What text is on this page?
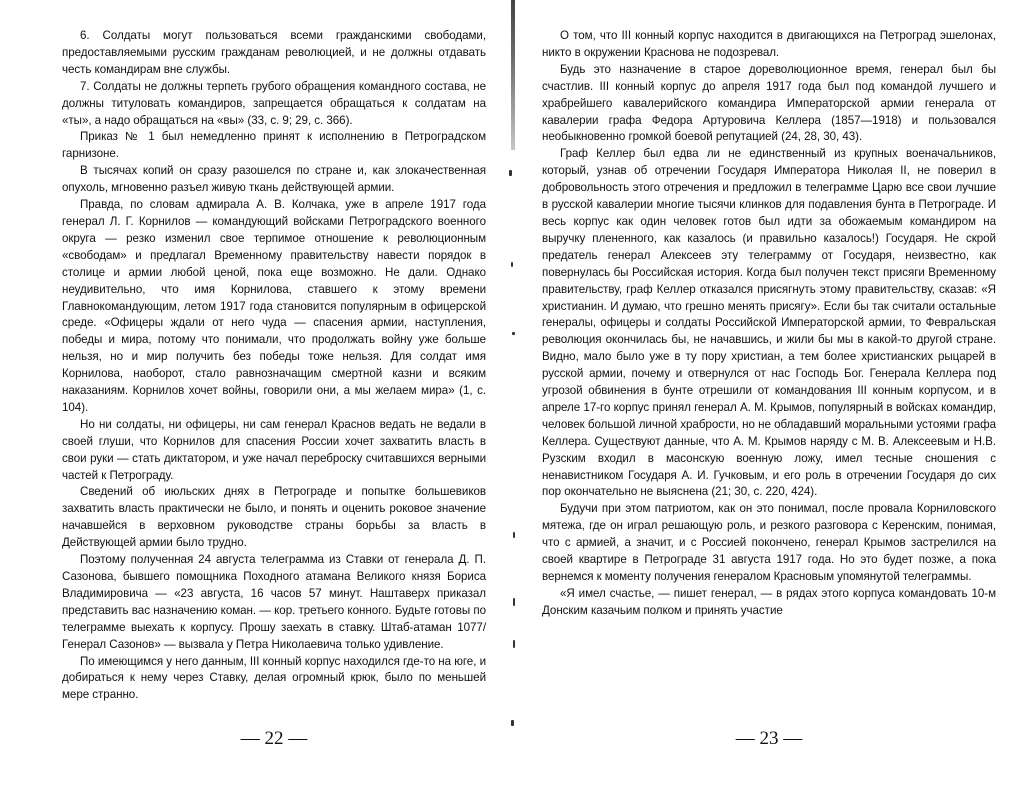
6. Солдаты могут пользоваться всеми гражданскими свободами, предоставляемыми русским гражданам революцией, и не должны отдавать честь командирам вне службы.

7. Солдаты не должны терпеть грубого обращения командного состава, не должны титуловать командиров, запрещается обращаться к солдатам на «ты», а надо обращаться на «вы» (33, с. 9; 29, с. 366).

Приказ № 1 был немедленно принят к исполнению в Петроградском гарнизоне.

В тысячах копий он сразу разошелся по стране и, как злокачественная опухоль, мгновенно разъел живую ткань действующей армии.

Правда, по словам адмирала А. В. Колчака, уже в апреле 1917 года генерал Л. Г. Корнилов — командующий войсками Петроградского военного округа — резко изменил свое терпимое отношение к революционным «свободам» и предлагал Временному правительству навести порядок в столице и армии любой ценой, пока еще возможно. Не дали. Однако неудивительно, что имя Корнилова, ставшего к этому времени Главнокомандующим, летом 1917 года становится популярным в офицерской среде. «Офицеры ждали от него чуда — спасения армии, наступления, победы и мира, потому что понимали, что продолжать войну уже больше нельзя, но и мир получить без победы тоже нельзя. Для солдат имя Корнилова, наоборот, стало равнозначащим смертной казни и всяким наказаниям. Корнилов хочет войны, говорили они, а мы желаем мира» (1, с. 104).

Но ни солдаты, ни офицеры, ни сам генерал Краснов ведать не ведали в своей глуши, что Корнилов для спасения России хочет захватить власть в свои руки — стать диктатором, и уже начал переброску считавшихся верными частей к Петрограду.

Сведений об июльских днях в Петрограде и попытке большевиков захватить власть практически не было, и понять и оценить роковое значение начавшейся в верховном руководстве страны борьбы за власть в Действующей армии было трудно.

Поэтому полученная 24 августа телеграмма из Ставки от генерала Д. П. Сазонова, бывшего помощника Походного атамана Великого князя Бориса Владимировича — «23 августа, 16 часов 57 минут. Наштаверх приказал представить вас назначению коман. — кор. третьего конного. Будьте готовы по телеграмме выехать к корпусу. Прошу заехать в ставку. Штаб-атаман 1077/ Генерал Сазонов» — вызвала у Петра Николаевича только удивление.

По имеющимся у него данным, III конный корпус находился где-то на юге, и добираться к нему через Ставку, делая огромный крюк, было по меньшей мере странно.

— 22 —

О том, что III конный корпус находится в двигающихся на Петроград эшелонах, никто в окружении Краснова не подозревал.

Будь это назначение в старое дореволюционное время, генерал был бы счастлив. III конный корпус до апреля 1917 года был под командой лучшего и храбрейшего кавалерийского командира Императорской армии генерала от кавалерии графа Федора Артуровича Келлера (1857—1918) и пользовался необыкновенно громкой боевой репутацией (24, 28, 30, 43).

Граф Келлер был едва ли не единственный из крупных военачальников, который, узнав об отречении Государя Императора Николая II, не поверил в добровольность этого отречения и предложил в телеграмме Царю все свои лучшие в русской кавалерии многие тысячи клинков для подавления бунта в Петрограде. И весь корпус как один человек готов был идти за обожаемым командиром на выручку плененного, как казалось (и правильно казалось!) Государя. Не скрой предатель генерал Алексеев эту телеграмму от Государя, неизвестно, как повернулась бы Российская история. Когда был получен текст присяги Временному правительству, граф Келлер отказался присягнуть этому правительству, сказав: «Я христианин. И думаю, что грешно менять присягу». Если бы так считали остальные генералы, офицеры и солдаты Российской Императорской армии, то Февральская революция окончилась бы, не начавшись, и жили бы мы в какой-то другой стране. Видно, мало было уже в ту пору христиан, а тем более христианских рыцарей в русской армии, почему и отвернулся от нас Господь Бог. Генерала Келлера под угрозой обвинения в бунте отрешили от командования III конным корпусом, и в апреле 17-го корпус принял генерал А. М. Крымов, популярный в войсках командир, человек большой личной храбрости, но не обладавший моральными устоями графа Келлера. Существуют данные, что А. М. Крымов наряду с М. В. Алексеевым и Н.В. Рузским входил в масонскую военную ложу, имел тесные сношения с ненавистником Государя А. И. Гучковым, и его роль в отречении Государя до сих пор окончательно не выяснена (21; 30, с. 220, 424).

Будучи при этом патриотом, как он это понимал, после провала Корниловского мятежа, где он играл решающую роль, и резкого разговора с Керенским, понимая, что с армией, а значит, и с Россией покончено, генерал Крымов застрелился на своей квартире в Петрограде 31 августа 1917 года. Но это будет позже, а пока вернемся к моменту получения генералом Красновым упомянутой телеграммы.

«Я имел счастье, — пишет генерал, — в рядах этого корпуса командовать 10-м Донским казачьим полком и принять участие

— 23 —
